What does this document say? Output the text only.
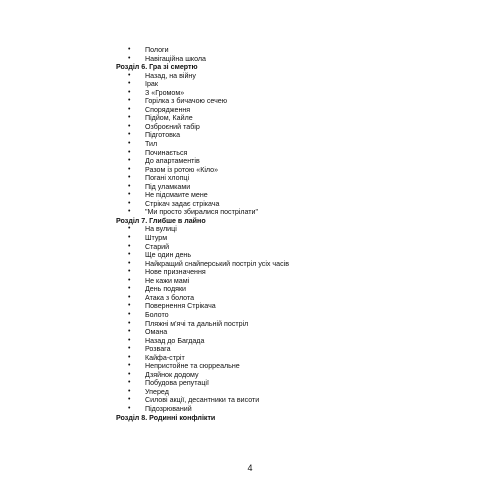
• Пологи
• Навігаційна школа
Розділ 6. Гра зі смертю
• Назад, на війну
• Ірак
• З «Громом»
• Горілка з бичачою сечею
• Спорядження
• Підйом, Кайле
• Озброєний табір
• Підготовка
• Тил
• Починається
• До апартаментів
• Разом із ротою «Кіло»
• Погані хлопці
• Під уламками
• Не підсмаите мене
• Стрікач задає стрікача
• "Ми просто збиралися пострілати"
Розділ 7. Глибше в лайно
• На вулиці
• Штурм
• Старий
• Ще один день
• Найкращий снайперський постріл усіх часів
• Нове призначення
• Не кажи мамі
• День подяки
• Атака з болота
• Повернення Стрікача
• Болото
• Пляжні м'ячі та дальній постріл
• Омана
• Назад до Багдада
• Розвага
• Кайфа-стріт
• Непристойне та сюрреальне
• Дзяйнок додому
• Побудова репутації
• Уперед
• Силові акції, десантники та висоти
• Підозрюваний
Розділ 8. Родинні конфлікти
4
